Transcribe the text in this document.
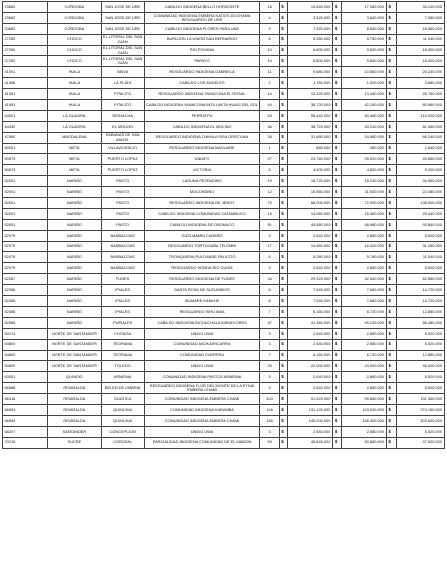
23682	CORDOBA	SAN JOSE DE URE	CABILDO INDIGENA BELLO HORIZONTE	18	$	15.840.000	$	17.280.000	$	33.120.000
23682	CORDOBA	SAN JOSE DE URE	COMUNIDAD INDIGENA EMBERA KATIOS DOCHAMA RESGUARDO DE URE	4	$	3.520.000	$	3.840.000	$	7.360.000
23682	CORDOBA	SAN JOSE DE URE	CABILDO INDIGENA FLORES PARA UNE	9	$	7.920.000	$	8.640.000	$	16.560.000
27250	CHOCO	EL LITORAL DEL SAN JUAN	BURUJON LA UNION SAN BERNARDO	6	$	5.280.000	$	5.760.000	$	11.040.000
27250	CHOCO	EL LITORAL DEL SAN JUAN	RIO PICHIMA	10	$	8.800.000	$	9.600.000	$	18.400.000
27250	CHOCO	EL LITORAL DEL SAN JUAN	PAPAYO	10	$	8.800.000	$	9.600.000	$	18.400.000
41001	HUILA	NEIVA	RESGUARDO INDIGENA GABRIELA	11	$	9.680.000	$	10.560.000	$	20.240.000
41396	HUILA	LA PLATA	CABILDO LOS ANGELES	2	$	1.760.000	$	1.920.000	$	3.680.000
41551	HUILA	PITALITO	RESGUARDO INDIGENA YANACONA EL ROSAL	14	$	12.320.000	$	13.440.000	$	25.760.000
41551	HUILA	PITALITO	CABILDO INDIGENA YANACONA INTILLAKTA HUASI DEL SOL	44	$	38.720.000	$	42.240.000	$	80.960.000
44001	LA GUAJIRA	RIOHACHA	PERRATPU	63	$	55.440.000	$	60.480.000	$	115.920.000
44430	LA GUAJIRA	EL MOLINO	CABILDO INDIGENA EL MOLINO	46	$	38.720.000	$	43.240.000	$	81.960.000
47660	MAGDALENA	SABANAS DE SAN ANGEL	RESGUARDO INDIGENA CHIMILA ISSA ORISTUNA	36	$	31.680.000	$	34.560.000	$	66.240.000
50001	META	VILLAVICENCIO	RESGUARDO INDIGENA MAGUARE	1	$	880.000	$	960.000	$	1.840.000
50573	META	PUERTO LOPEZ	UNIAFO	27	$	23.760.000	$	25.920.000	$	49.680.000
50573	META	PUERTO LOPEZ	VICTORIA	5	$	4.400.000	$	4.800.000	$	9.200.000
52001	NARIÑO	PASTO	LAGUNA PEJENDINO	19	$	16.720.000	$	18.240.000	$	34.960.000
52001	NARIÑO	PASTO	MOCONDINO	12	$	10.560.000	$	11.520.000	$	22.080.000
52001	NARIÑO	PASTO	RESGUARDO INDIGENA DE JENOY	75	$	66.000.000	$	72.000.000	$	138.000.000
52001	NARIÑO	PASTO	CABILDO INDIGENA COMUNIDAD CATAMBUCO	15	$	14.080.000	$	15.360.000	$	29.440.000
52001	NARIÑO	PASTO	CABILDO INDIGENA DE OBONUCO	51	$	44.880.000	$	48.960.000	$	93.840.000
52079	NARIÑO	BARBACOAS	GUELMAMBI CARAÑO	3	$	2.640.000	$	2.880.000	$	5.520.000
52079	NARIÑO	BARBACOAS	RESGUARDO TORTUGAÑA TELEMBI	17	$	14.960.000	$	16.320.000	$	31.280.000
52079	NARIÑO	BARBACOAS	TRONQUERIA PULGANDE PALICITO	6	$	5.280.000	$	5.760.000	$	11.040.000
52079	NARIÑO	BARBACOAS	RESGUARDO HONDA RIO GUISA	3	$	2.640.000	$	2.880.000	$	5.520.000
52287	NARIÑO	FUNES	RESGUARDO INDIGENA DE FUNES	34	$	29.920.000	$	32.640.000	$	62.560.000
52356	NARIÑO	IPIALES	SANTA ROSA DE SUCUMBIOS	8	$	7.040.000	$	7.680.000	$	14.720.000
52356	NARIÑO	IPIALES	IKUMARE KANKHE	8	$	7.040.000	$	7.680.000	$	14.720.000
52356	NARIÑO	IPIALES	RESGUARDO ISHU AWA	7	$	6.160.000	$	6.720.000	$	12.880.000
52585	NARIÑO	PUPIALES	CABILDO INDIGENA INCHUCHALA MIRAFLORES	47	$	41.360.000	$	45.120.000	$	86.480.000
54174	NORTE DE SANTANDER	CHITAGA	UNIDO UWA	3	$	2.640.000	$	2.880.000	$	5.520.000
54800	NORTE DE SANTANDER	TEORAMA	COMUNIDAD ASOKAIRICARRA	3	$	2.640.000	$	2.880.000	$	5.520.000
54800	NORTE DE SANTANDER	TEORAMA	COMUNIDAD SUERERA	7	$	6.160.000	$	6.720.000	$	12.880.000
54820	NORTE DE SANTANDER	TOLEDO	UNIDO UWA	25	$	22.000.000	$	24.000.000	$	46.000.000
63001	QUINDIO	ARMENIA	COMUNIDAD INDIGENA PASTOS ARMENIA	3	$	2.640.000	$	2.880.000	$	5.520.000
66088	RISARALDA	BELEN DE UMBRIA	RESGUARDO INDIGENA FLOR DEL MONTE DE LA ETNIA EMBERA CHAMI	3	$	2.640.000	$	2.880.000	$	5.520.000
66318	RISARALDA	GUATICA	COMUNIDAD INDIGENA EMBERA CHAMI	104	$	91.520.000	$	99.840.000	$	191.360.000
66594	RISARALDA	QUINCHIA	COMUNIDAD INDIGENA KARAMBA	149	$	131.120.000	$	143.040.000	$	274.160.000
66594	RISARALDA	QUINCHIA	COMUNIDAD INDIGENA EMBERA CHAMI	165	$	145.200.000	$	158.400.000	$	303.600.000
68207	SANTANDER	CONCEPCION	UNIDO UWA	3	$	2.640.000	$	2.880.000	$	5.520.000
70215	SUCRE	COROZAL	PARCIALIDAD INDIGENA COMUNIDAD DE EL MAMON	53	$	46.640.000	$	50.880.000	$	97.520.000
